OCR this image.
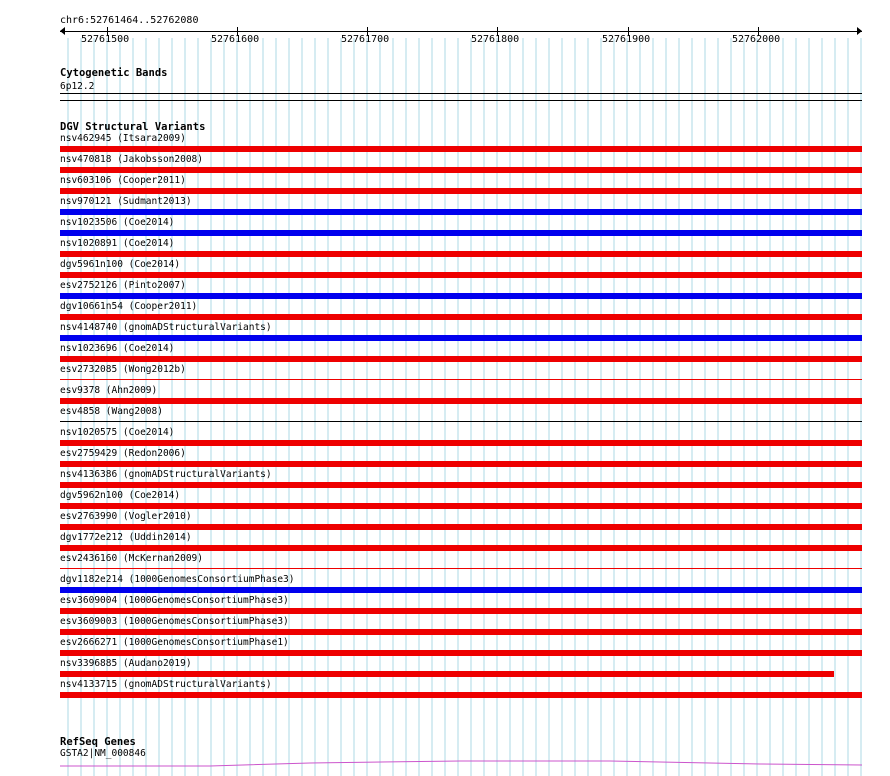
chr6:52761464..52762080
52761500	52761600	52761700	52761800	52761900	52762000
Cytogenetic Bands
6p12.2
DGV Structural Variants
nsv462945 (Itsara2009)
nsv470818 (Jakobsson2008)
nsv603106 (Cooper2011)
nsv970121 (Sudmant2013)
nsv1023506 (Coe2014)
nsv1020891 (Coe2014)
dgv5961n100 (Coe2014)
esv2752126 (Pinto2007)
dgv10661n54 (Cooper2011)
nsv4148740 (gnomADStructuralVariants)
nsv1023696 (Coe2014)
esv2732085 (Wong2012b)
esv9378 (Ahn2009)
esv4858 (Wang2008)
nsv1020575 (Coe2014)
esv2759429 (Redon2006)
nsv4136386 (gnomADStructuralVariants)
dgv5962n100 (Coe2014)
esv2763990 (Vogler2010)
dgv1772e212 (Uddin2014)
esv2436160 (McKernan2009)
dgv1182e214 (1000GenomesConsortiumPhase3)
esv3609004 (1000GenomesConsortiumPhase3)
esv3609003 (1000GenomesConsortiumPhase3)
esv2666271 (1000GenomesConsortiumPhase1)
nsv3396885 (Audano2019)
nsv4133715 (gnomADStructuralVariants)
RefSeq Genes
GSTA2|NM_000846
